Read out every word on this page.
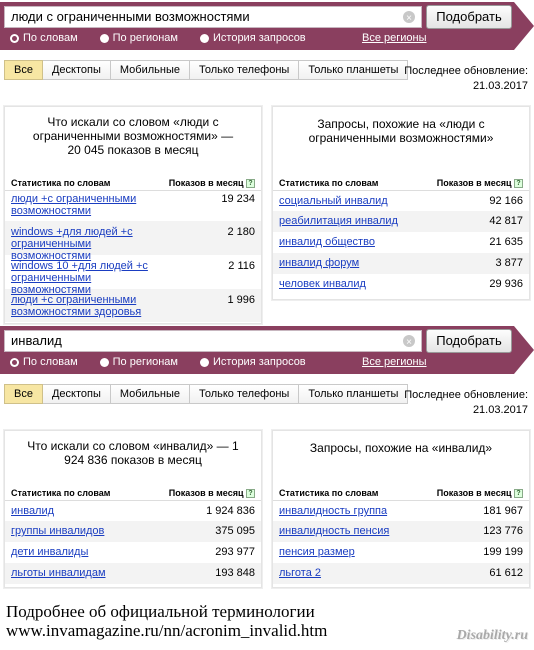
люди с ограниченными возможностями	×	Подобрать
По словам	По регионам	История запросов	Все регионы
Все	Десктопы	Мобильные	Только телефоны	Только планшеты Последнее обновление:
21.03.2017
Что искали со словом «люди с ограниченными возможностями» — 20 045 показов в месяц
Статистика по словам	Показов в месяц ?
люди +с ограниченными возможностями
19 234
windows +для людей +с ограниченными возможностями
2 180
windows 10 +для людей +с ограниченными возможностями
2 116
люди +с ограниченными возможностями здоровья
1 996
Запросы, похожие на «люди с ограниченными возможностями»
Статистика по словам	Показов в месяц ?
социальный инвалид	92 166
реабилитация инвалид	42 817
инвалид общество	21 635
инвалид форум	3 877
человек инвалид	29 936
инвалид	×	Подобрать
По словам	По регионам	История запросов	Все регионы
Все	Десктопы	Мобильные	Только телефоны	Только планшеты Последнее обновление:
21.03.2017
Что искали со словом «инвалид» — 1 924 836 показов в месяц
Статистика по словам	Показов в месяц ?
инвалид	1 924 836
группы инвалидов	375 095
дети инвалиды	293 977
льготы инвалидам	193 848
Запросы, похожие на «инвалид»
Статистика по словам	Показов в месяц ?
инвалидность группа	181 967
инвалидность пенсия	123 776
пенсия размер	199 199
льгота 2	61 612
Подробнее об официальной терминологии
www.invamagazine.ru/nn/acronim_invalid.htm	Disability.ru
